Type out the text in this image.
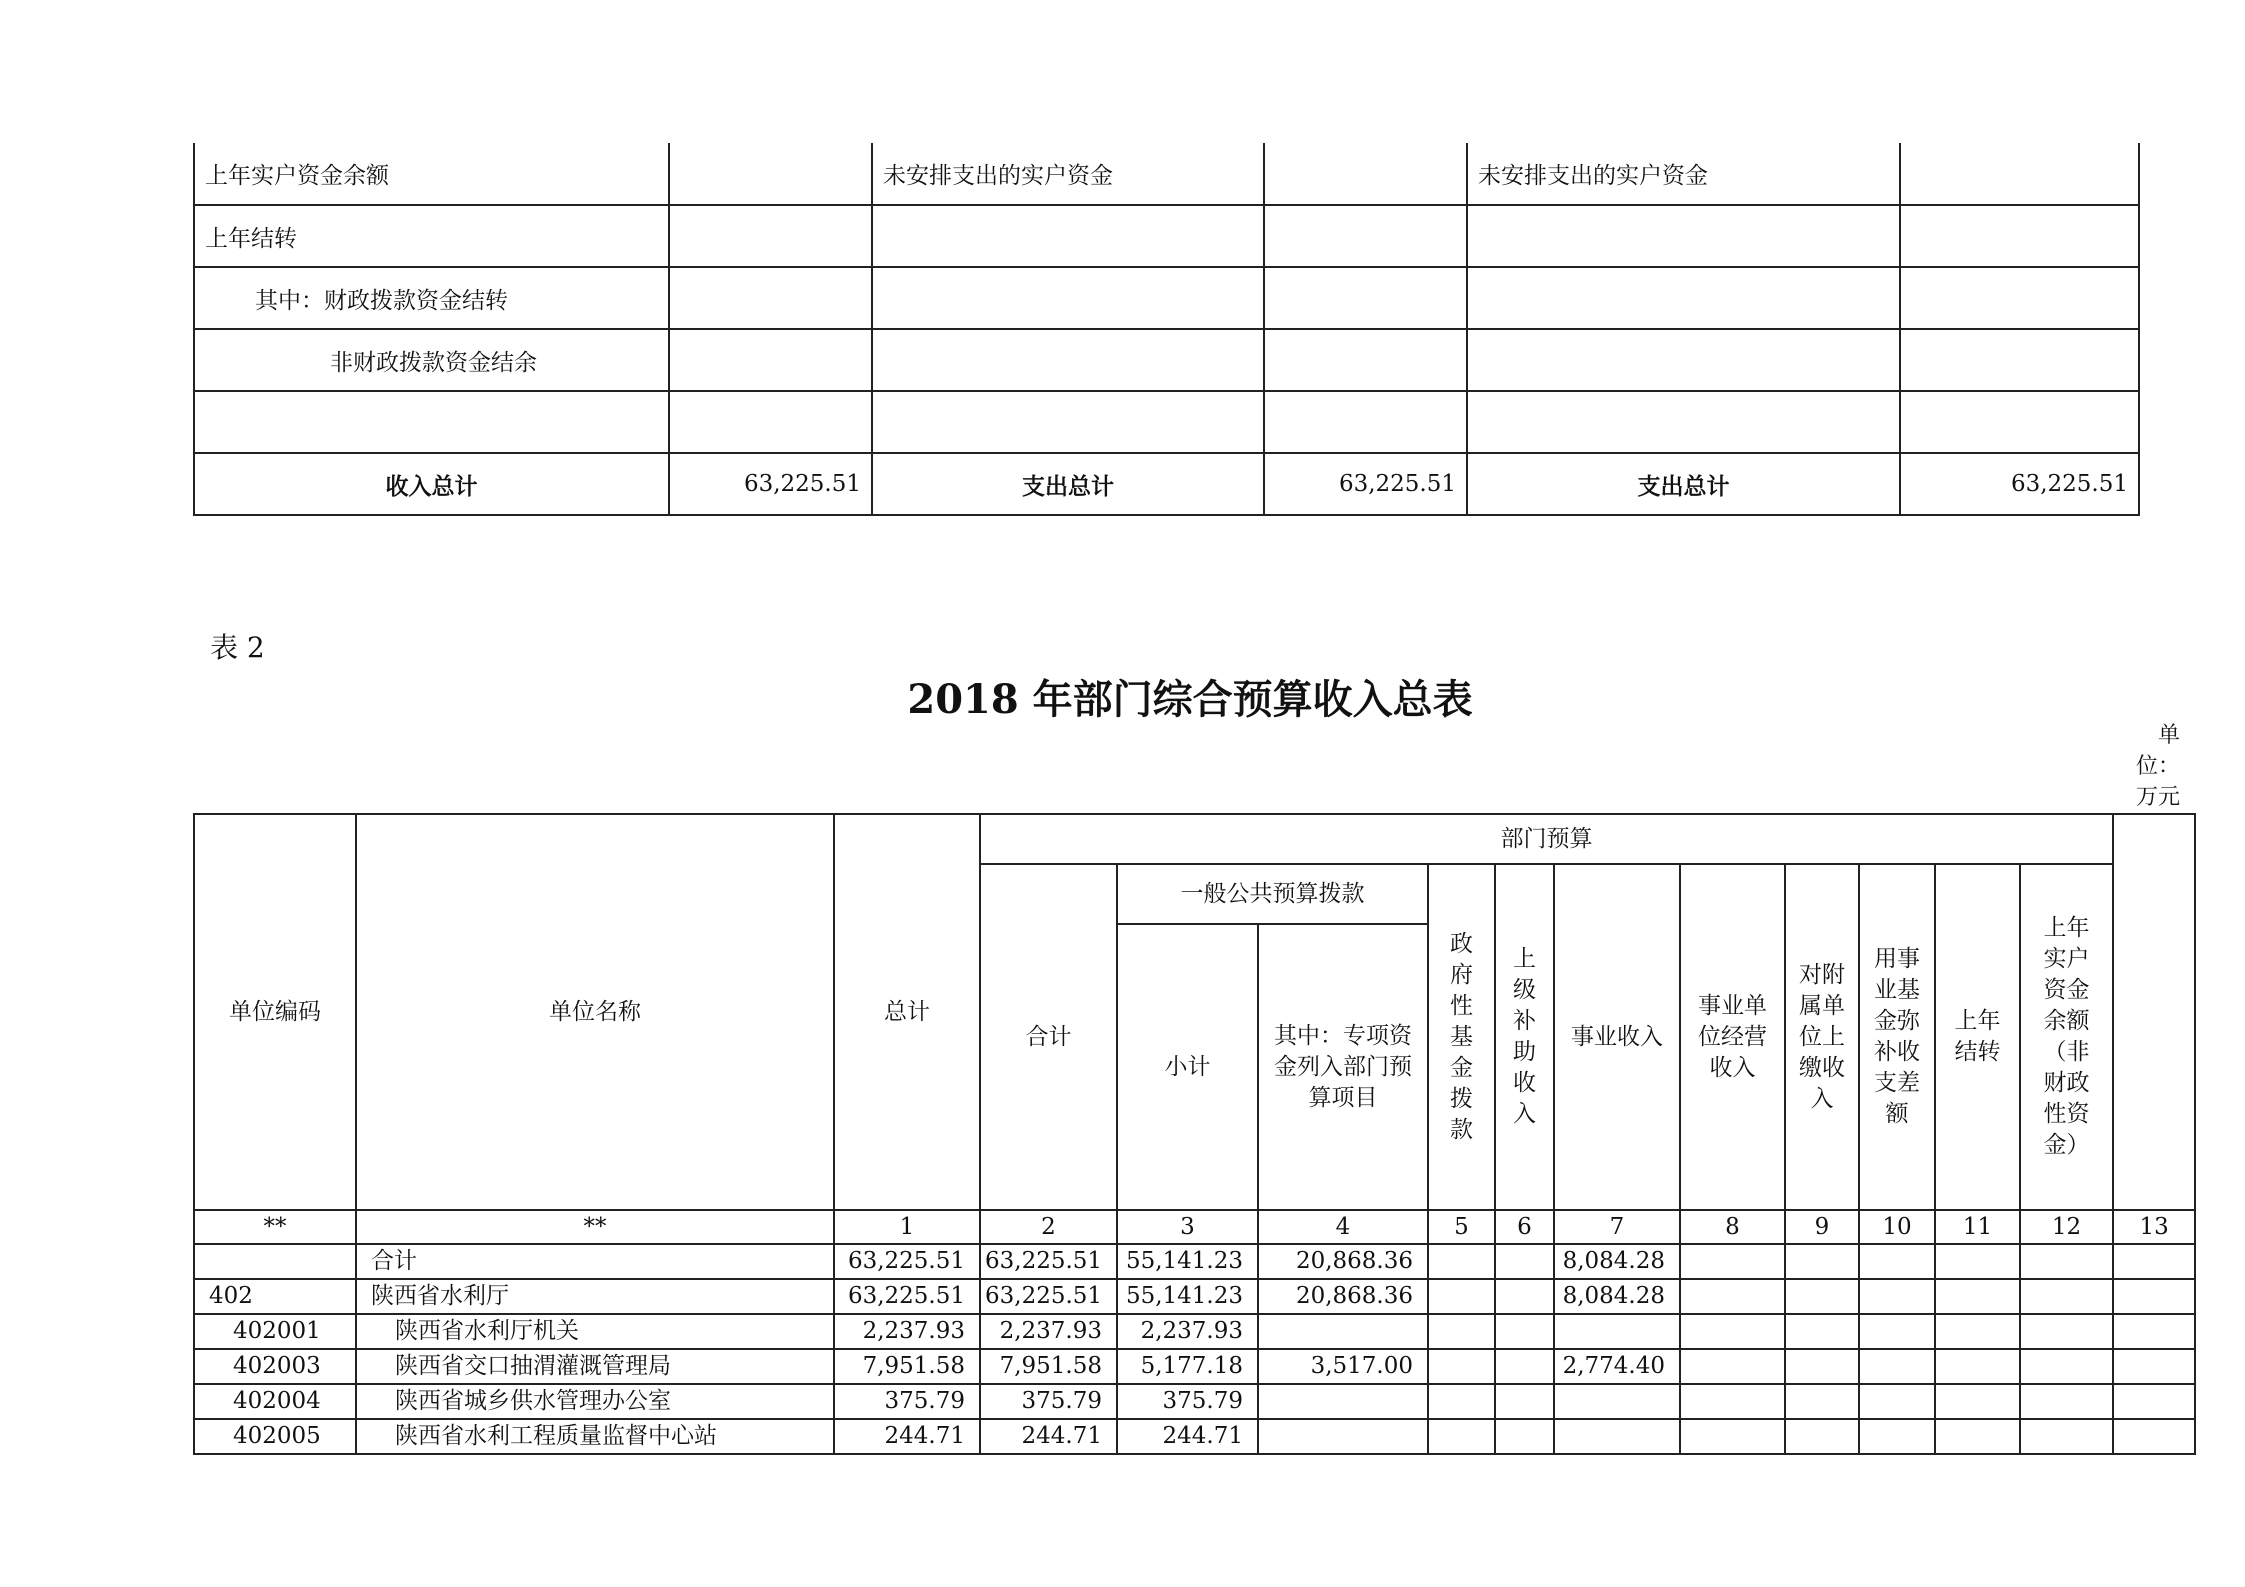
上年实户资金余额		未安排支出的实户资金		未安排支出的实户资金	
上年结转					
其中：财政拨款资金结转					
非财政拨款资金结余					

收入总计	63,225.51	支出总计	63,225.51	支出总计	63,225.51
表 2
2018 年部门综合预算收入总表
单位：万元
单位编码	单位名称	总计	部门预算											
			合计	一般公共预算拨款		政府性基金拨款	上级补助收入	事业收入	事业单位经营收入	对附属单位上缴收入	用事业基金弥补收支差额	上年结转	上年实户资金余额（非财政性资金）	
				小计	其中：专项资金列入部门预算项目									
**	**	1	2	3	4	5	6	7	8	9	10	11	12	13
	合计	63,225.51	63,225.51	55,141.23	20,868.36			8,084.28						
402	陕西省水利厅	63,225.51	63,225.51	55,141.23	20,868.36			8,084.28						
402001	陕西省水利厅机关	2,237.93	2,237.93	2,237.93										
402003	陕西省交口抽渭灌溉管理局	7,951.58	7,951.58	5,177.18	3,517.00			2,774.40						
402004	陕西省城乡供水管理办公室	375.79	375.79	375.79										
402005	陕西省水利工程质量监督中心站	244.71	244.71	244.71										
